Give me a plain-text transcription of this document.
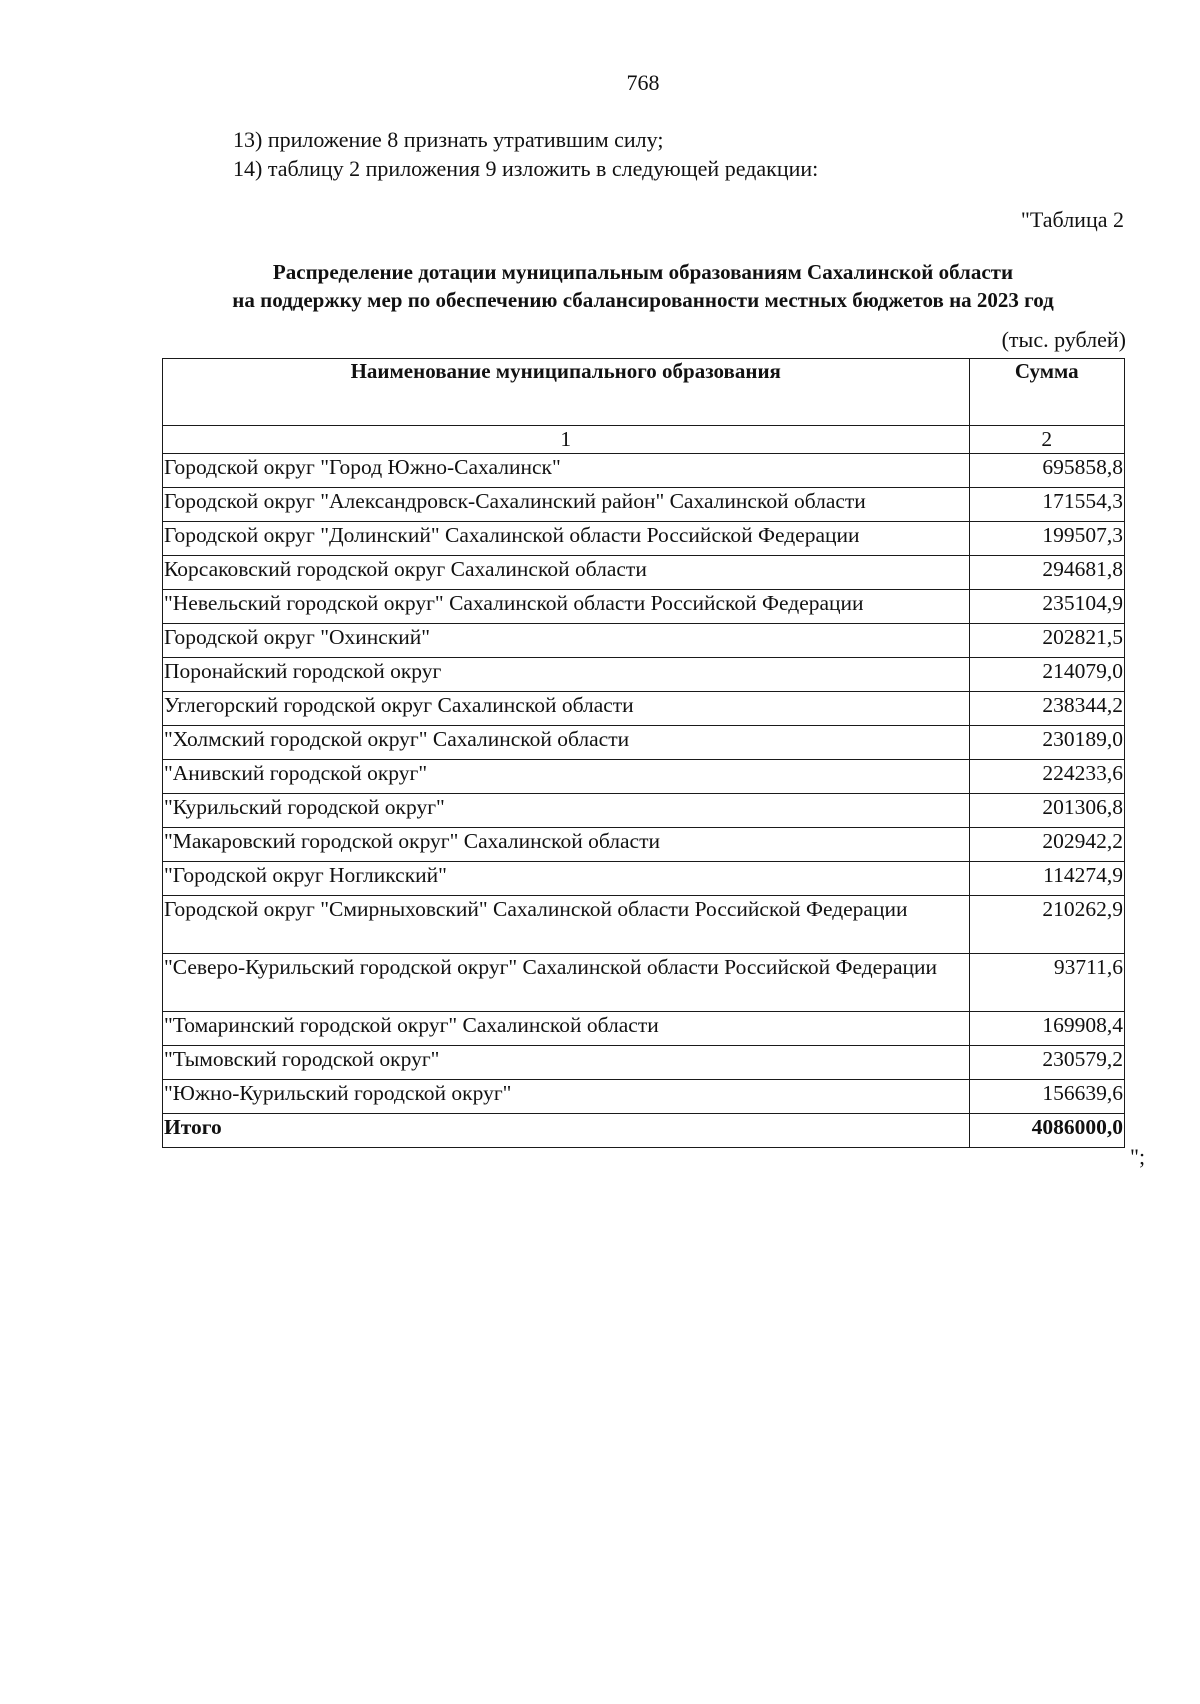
768
13) приложение 8 признать утратившим силу;
14) таблицу 2 приложения 9 изложить в следующей редакции:
"Таблица 2
Распределение дотации муниципальным образованиям Сахалинской области
на поддержку мер по обеспечению сбалансированности местных бюджетов на 2023 год
(тыс. рублей)
Наименование муниципального образования	Сумма
1	2
Городской округ "Город Южно-Сахалинск"	695858,8
Городской округ "Александровск-Сахалинский район" Сахалинской области	171554,3
Городской округ "Долинский" Сахалинской области Российской Федерации	199507,3
Корсаковский городской округ Сахалинской области	294681,8
"Невельский городской округ" Сахалинской области Российской Федерации	235104,9
Городской округ "Охинский"	202821,5
Поронайский городской округ	214079,0
Углегорский городской округ Сахалинской области	238344,2
"Холмский городской округ" Сахалинской области	230189,0
"Анивский городской округ"	224233,6
"Курильский городской округ"	201306,8
"Макаровский городской округ" Сахалинской области	202942,2
"Городской округ Ногликский"	114274,9
Городской округ "Смирныховский" Сахалинской области Российской Федерации	210262,9
"Северо-Курильский городской округ" Сахалинской области Российской Федерации	93711,6
"Томаринский городской округ" Сахалинской области	169908,4
"Тымовский городской округ"	230579,2
"Южно-Курильский городской округ"	156639,6
Итого	4086000,0
";
